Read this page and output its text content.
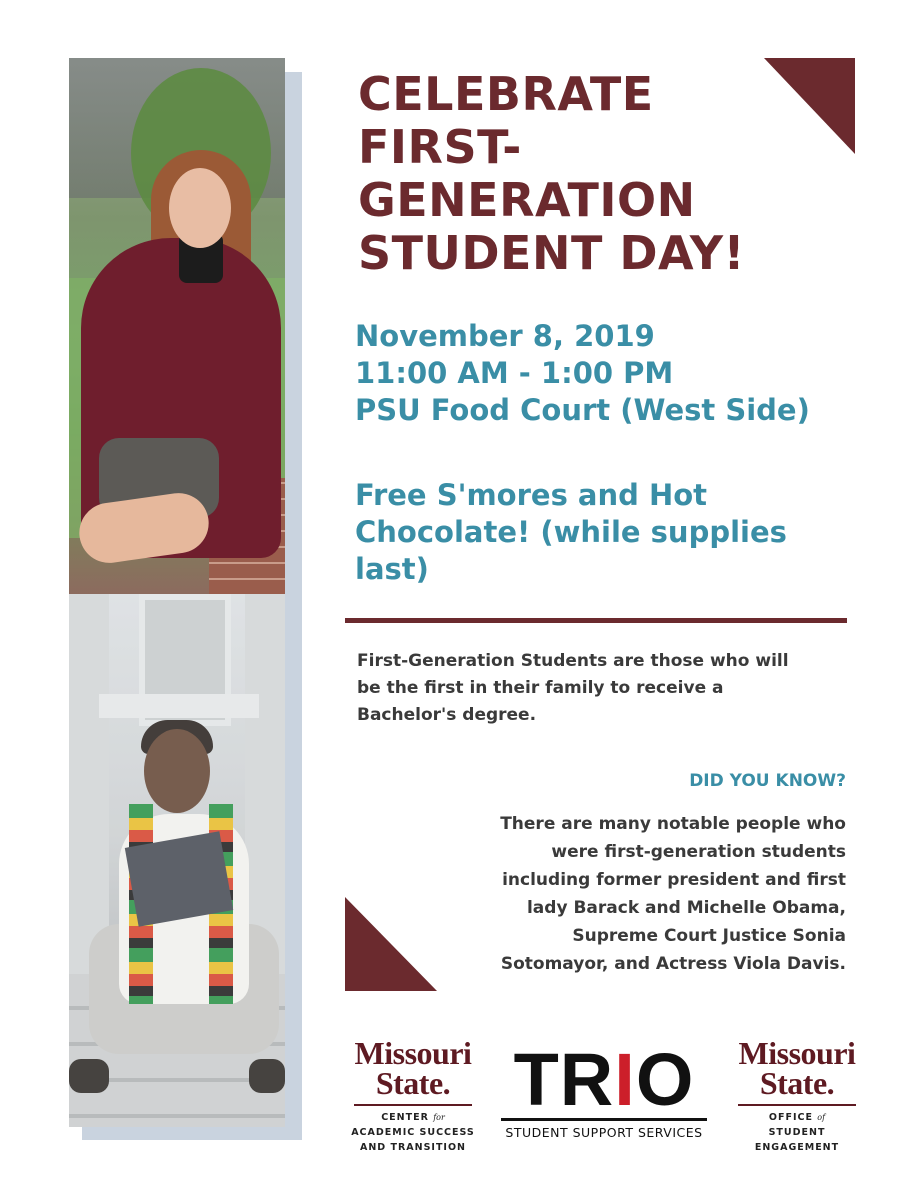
CELEBRATE
FIRST-
GENERATION
STUDENT DAY!
November 8, 2019
11:00 AM - 1:00 PM
PSU Food Court (West Side)
Free S'mores and Hot
Chocolate! (while supplies
last)
First-Generation Students are those who will
be the first in their family to receive a
Bachelor's degree.
DID YOU KNOW?
There are many notable people who
were first-generation students
including former president and first
lady Barack and Michelle Obama,
Supreme Court Justice Sonia
Sotomayor, and Actress Viola Davis.
Missouri
State.
CENTER for
ACADEMIC SUCCESS
AND TRANSITION
TRIO
STUDENT SUPPORT SERVICES
Missouri
State.
OFFICE of
STUDENT
ENGAGEMENT
